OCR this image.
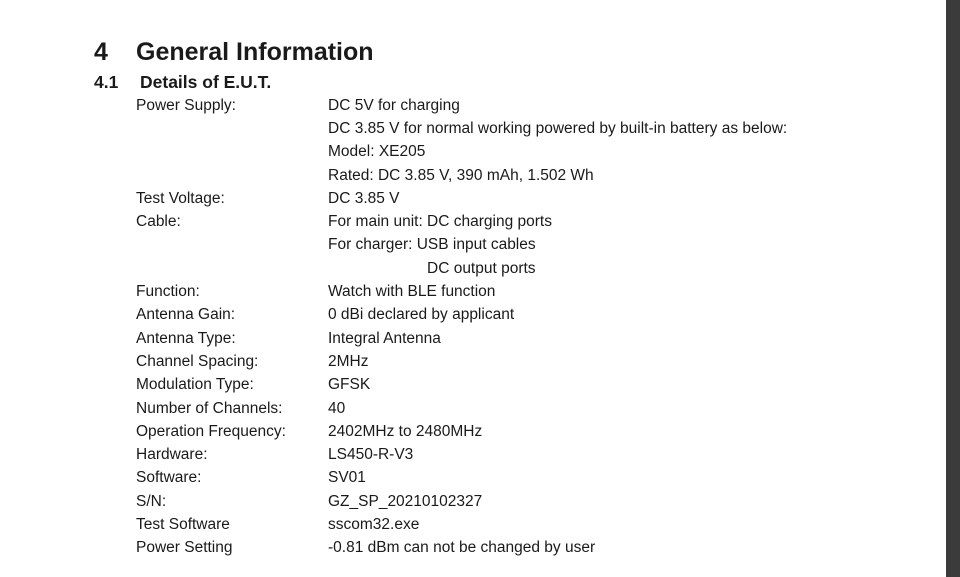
4	General Information
4.1	Details of E.U.T.
Power Supply:	DC 5V for charging
DC 3.85 V for normal working powered by built-in battery as below:
Model: XE205
Rated: DC 3.85 V, 390 mAh, 1.502 Wh
Test Voltage:	DC 3.85 V
Cable:	For main unit: DC charging ports
For charger: USB input cables
DC output ports
Function:	Watch with BLE function
Antenna Gain:	0 dBi declared by applicant
Antenna Type:	Integral Antenna
Channel Spacing:	2MHz
Modulation Type:	GFSK
Number of Channels:	40
Operation Frequency:	2402MHz to 2480MHz
Hardware:	LS450-R-V3
Software:	SV01
S/N:	GZ_SP_20210102327
Test Software	sscom32.exe
Power Setting	-0.81 dBm can not be changed by user
